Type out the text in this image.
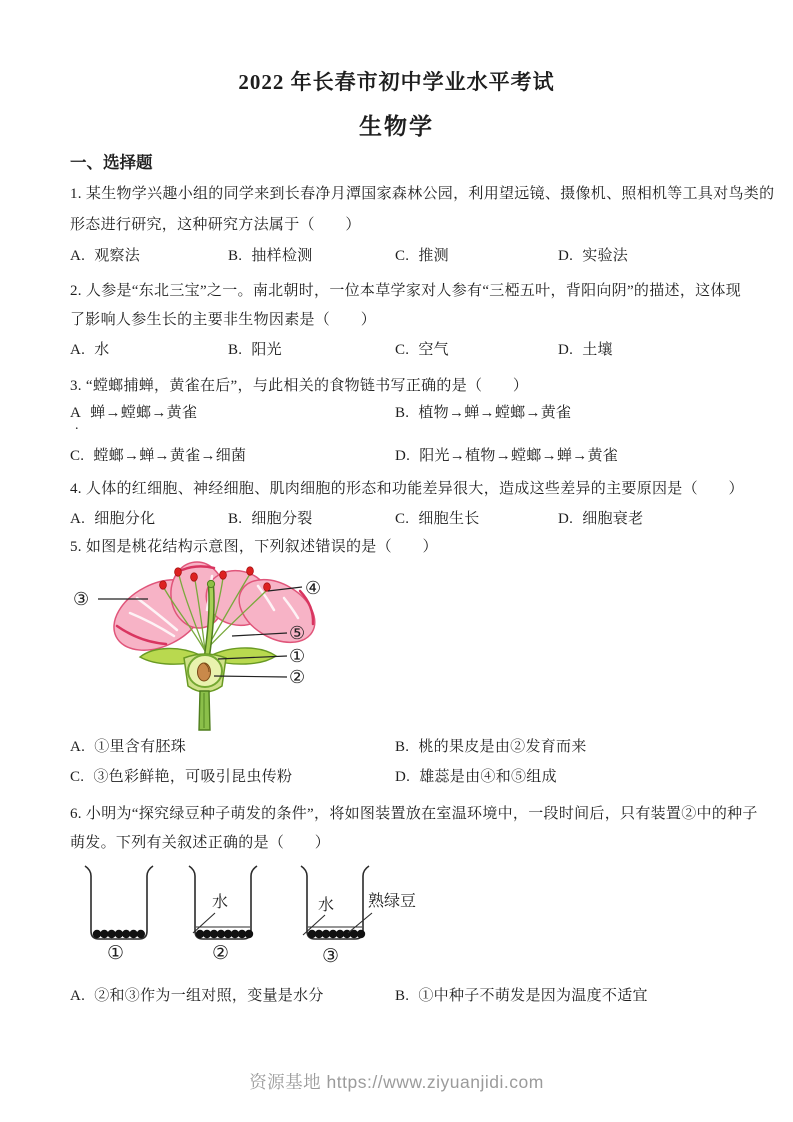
2022 年长春市初中学业水平考试
生物学
一、选择题
1. 某生物学兴趣小组的同学来到长春净月潭国家森林公园，利用望远镜、摄像机、照相机等工具对鸟类的
形态进行研究，这种研究方法属于（　　）
A. 观察法	B. 抽样检测	C. 推测	D. 实验法
2. 人参是“东北三宝”之一。南北朝时，一位本草学家对人参有“三椏五叶，背阳向阴”的描述，这体现
了影响人参生长的主要非生物因素是（　　）
A. 水	B. 阳光	C. 空气	D. 土壤
3. “螳螂捕蝉，黄雀在后”，与此相关的食物链书写正确的是（　　）
A 蝉→螳螂→黄雀	B. 植物→蝉→螳螂→黄雀
.
C. 螳螂→蝉→黄雀→细菌	D. 阳光→植物→螳螂→蝉→黄雀
4. 人体的红细胞、神经细胞、肌肉细胞的形态和功能差异很大，造成这些差异的主要原因是（　　）
A. 细胞分化	B. 细胞分裂	C. 细胞生长	D. 细胞衰老
5. 如图是桃花结构示意图，下列叙述错误的是（　　）
③
④
⑤
①
②
A. ①里含有胚珠	B. 桃的果皮是由②发育而来
C. ③色彩鲜艳，可吸引昆虫传粉	D. 雄蕊是由④和⑤组成
6. 小明为“探究绿豆种子萌发的条件”，将如图装置放在室温环境中，一段时间后，只有装置②中的种子
萌发。下列有关叙述正确的是（　　）
水	水 熟绿豆
①	②	③
A. ②和③作为一组对照，变量是水分	B. ①中种子不萌发是因为温度不适宜
资源基地 https://www.ziyuanjidi.com
